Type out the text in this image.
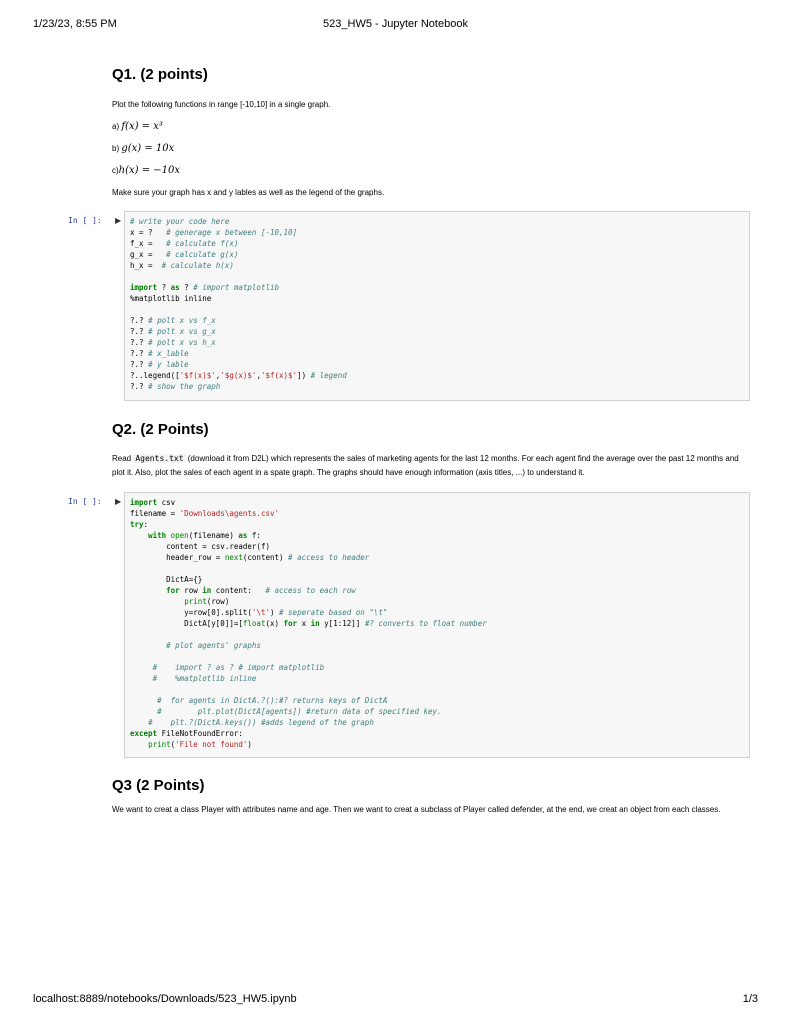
1/23/23, 8:55 PM	523_HW5 - Jupyter Notebook
Q1. (2 points)

Plot the following functions in range [-10,10] in a single graph.

a) f(x) = x³

b) g(x) = 10x

c)h(x) = −10x

Make sure your graph has x and y lables as well as the legend of the graphs.

In [ ]: ▶ # write your code here
x = ?   # generage x between [-10,10]
f_x =   # calculate f(x)
g_x =   # calculate g(x)
h_x =  # calculate h(x)

import ? as ? # import matplotlib
%matplotlib inline

?.? # polt x vs f_x
?.? # polt x vs g_x
?.? # polt x vs h_x
?.? # x_lable
?.? # y lable
?..legend(['$f(x)$','$g(x)$','$f(x)$']) # legend
?.? # show the graph
Q2. (2 Points)

Read Agents.txt (download it from D2L) which represents the sales of marketing agents for the last 12 months. For each agent find the average over the past 12 months and plot it. Also, plot the sales of each agent in a spate graph. The graphs should have enough information (axis titles, ...) to understand it.

In [ ]: ▶ import csv
filename = 'Downloads\agents.csv'
try:
with open(filename) as f:
content = csv.reader(f)
header_row = next(content) # access to header

DictA={}
for row in content:   # access to each row
print(row)
y=row[0].split('\t') # seperate based on "\t"
DictA[y[0]]=[float(x) for x in y[1:12]] #? converts to float number

# plot agents' graphs

#    import ? as ? # import matplotlib
#    %matplotlib inline

#  for agents in DictA.?():#? returns keys of DictA
#        plt.plot(DictA[agents]) #return data of specified key.
#    plt.?(DictA.keys()) #adds legend of the graph
except FileNotFoundError:
print('File not found')
Q3 (2 Points)

We want to creat a class Player with attributes name and age. Then we want to creat a subclass of Player called defender, at the end, we creat an object from each classes.

localhost:8889/notebooks/Downloads/523_HW5.ipynb	1/3
